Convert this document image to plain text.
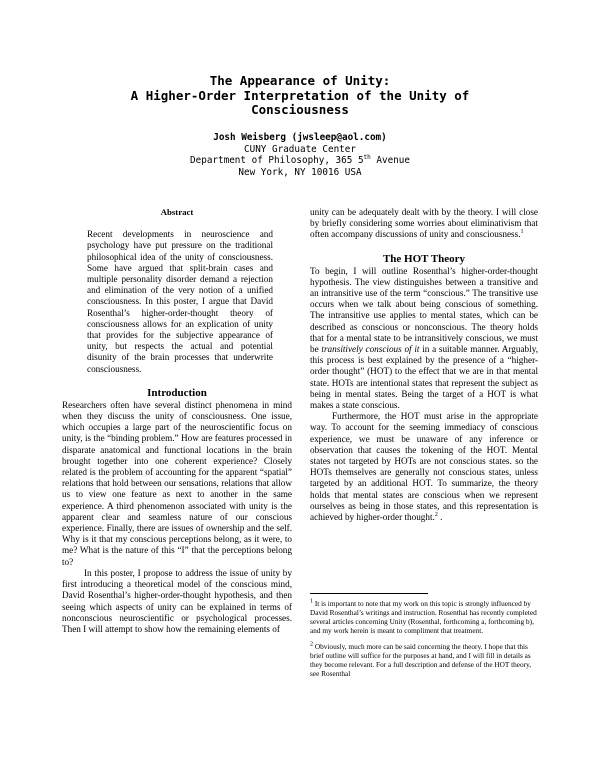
The Appearance of Unity:
A Higher-Order Interpretation of the Unity of
Consciousness
Josh Weisberg (jwsleep@aol.com)
CUNY Graduate Center
Department of Philosophy, 365 5th Avenue
New York, NY 10016 USA
Abstract

Recent developments in neuroscience and psychology have put pressure on the traditional philosophical idea of the unity of consciousness. Some have argued that split-brain cases and multiple personality disorder demand a rejection and elimination of the very notion of a unified consciousness. In this poster, I argue that David Rosenthal’s higher-order-thought theory of consciousness allows for an explication of unity that provides for the subjective appearance of unity, but respects the actual and potential disunity of the brain processes that underwrite consciousness.

Introduction

Researchers often have several distinct phenomena in mind when they discuss the unity of consciousness. One issue, which occupies a large part of the neuroscientific focus on unity, is the “binding problem.” How are features processed in disparate anatomical and functional locations in the brain brought together into one coherent experience? Closely related is the problem of accounting for the apparent “spatial” relations that hold between our sensations, relations that allow us to view one feature as next to another in the same experience. A third phenomenon associated with unity is the apparent clear and seamless nature of our conscious experience. Finally, there are issues of ownership and the self. Why is it that my conscious perceptions belong, as it were, to me? What is the nature of this “I” that the perceptions belong to?

In this poster, I propose to address the issue of unity by first introducing a theoretical model of the conscious mind, David Rosenthal’s higher-order-thought hypothesis, and then seeing which aspects of unity can be explained in terms of nonconscious neuroscientific or psychological processes. Then I will attempt to show how the remaining elements of

unity can be adequately dealt with by the theory. I will close by briefly considering some worries about eliminativism that often accompany discussions of unity and consciousness.$^1$

The HOT Theory

To begin, I will outline Rosenthal’s higher-order-thought hypothesis. The view distinguishes between a transitive and an intransitive use of the term “conscious.” The transitive use occurs when we talk about being conscious of something. The intransitive use applies to mental states, which can be described as conscious or nonconscious. The theory holds that for a mental state to be intransitively conscious, we must be transitively conscious of it in a suitable manner. Arguably, this process is best explained by the presence of a “higher-order thought” (HOT) to the effect that we are in that mental state. HOTs are intentional states that represent the subject as being in mental states. Being the target of a HOT is what makes a state conscious.

Furthermore, the HOT must arise in the appropriate way. To account for the seeming immediacy of conscious experience, we must be unaware of any inference or observation that causes the tokening of the HOT. Mental states not targeted by HOTs are not conscious states. so the HOTs themselves are generally not conscious states, unless targeted by an additional HOT. To summarize, the theory holds that mental states are conscious when we represent ourselves as being in those states, and this representation is achieved by higher-order thought.$^2$ .

$^1$ It is important to note that my work on this topic is strongly influenced by David Rosenthal’s writings and instruction. Rosenthal has recently completed several articles concerning Unity (Rosenthal, forthcoming a, forthcoming b), and my work herein is meant to compliment that treatment.

$^2$ Obviously, much more can be said concerning the theory. I hope that this brief outline will suffice for the purposes at hand, and I will fill in details as they become relevant. For a full description and defense of the HOT theory, see Rosenthal
